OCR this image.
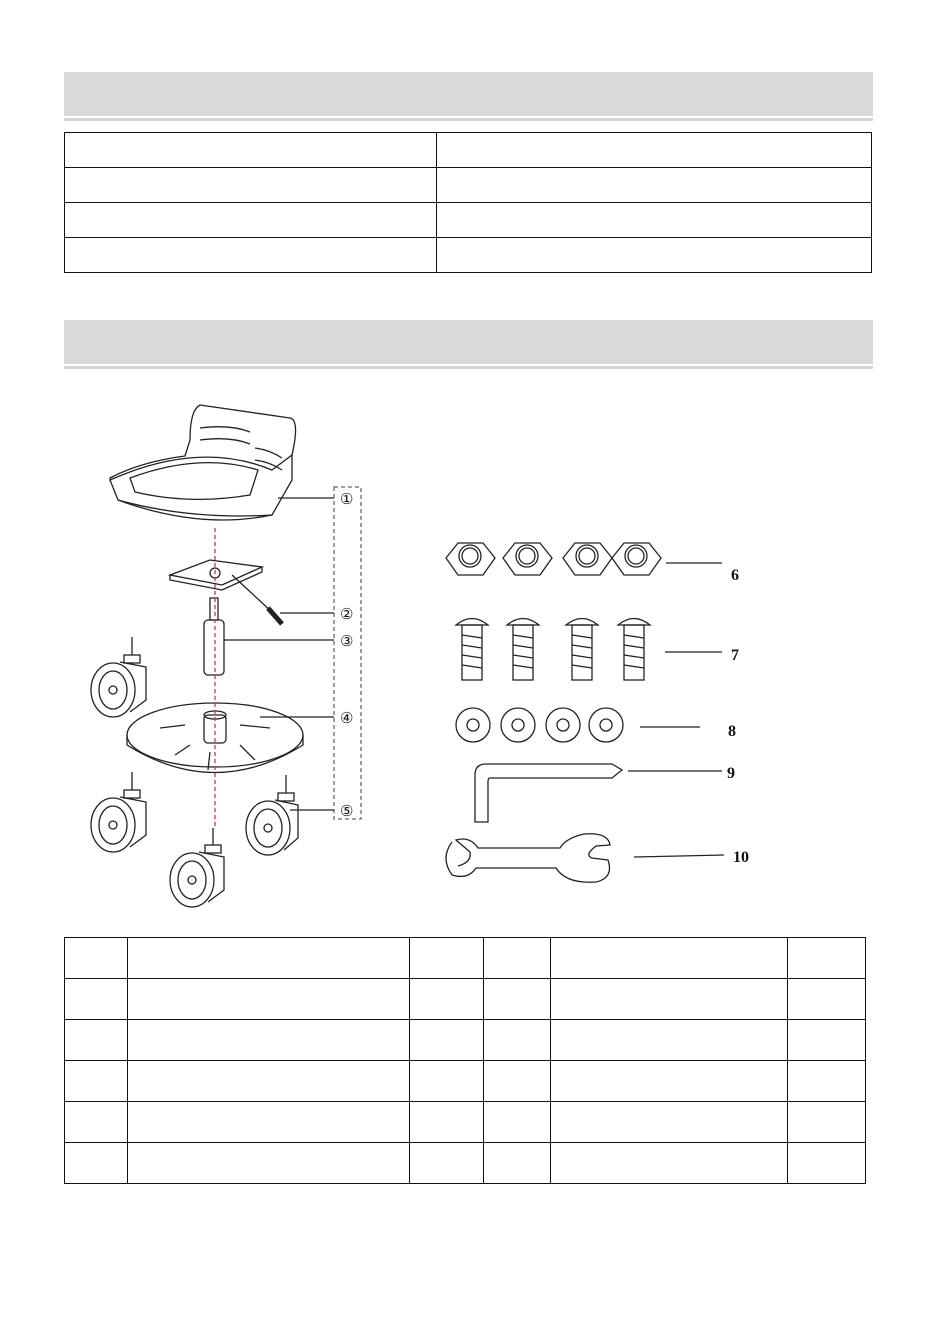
①
②
③
④
⑤
6
7
8
9
10
